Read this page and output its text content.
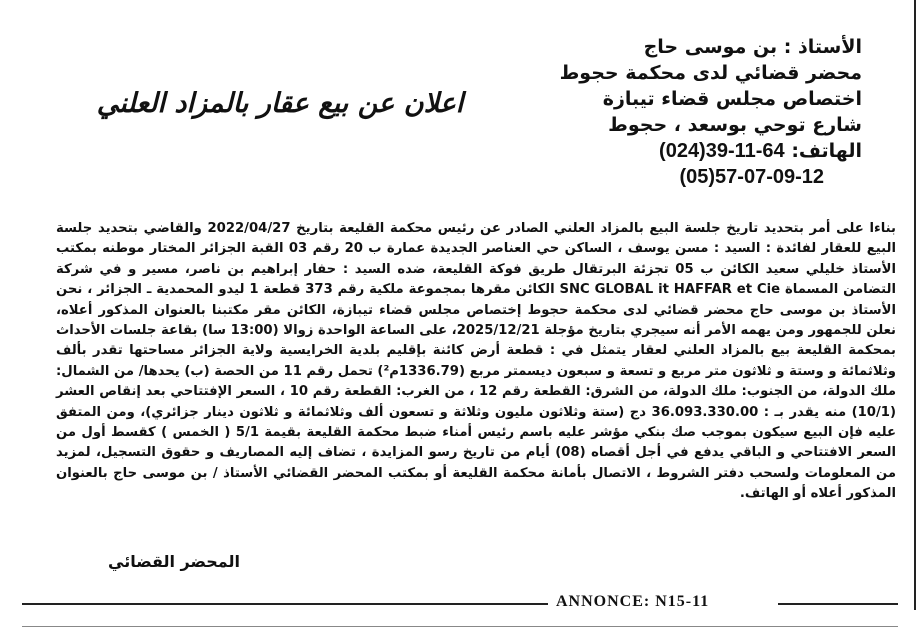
الأستاذ : بن موسى حاج
محضر قضائي لدى محكمة حجوط
اختصاص مجلس قضاء تيبازة
شارع توحي بوسعد ، حجوط
الهاتف: (024)39-11-64
(05)57-07-09-12
اعلان عن بيع عقار بالمزاد العلني
بناءا على أمر بتحديد تاريخ جلسة البيع بالمزاد العلني الصادر عن رئيس محكمة القليعة بتاريخ 2022/04/27 والقاضي بتحديد جلسة البيع للعقار لفائدة : السيد : مسن يوسف ، الساكن حي العناصر الجديدة عمارة ب 20 رقم 03 القبة الجزائر المختار موطنه بمكتب الأستاذ خليلي سعيد الكائن ب 05 تجزئة البرتقال طريق فوكة القليعة، ضده السيد : حفار إبراهيم بن ناصر، مسير و في شركة التضامن المسماة SNC GLOBAL it HAFFAR et Cie الكائن مقرها بمجموعة ملكية رقم 373 قطعة 1 ليدو المحمدية ـ الجزائر ، نحن الأستاذ بن موسى حاج محضر قضائي لدى محكمة حجوط إختصاص مجلس قضاء تيبازة، الكائن مقر مكتبنا بالعنوان المذكور أعلاه، نعلن للجمهور ومن يهمه الأمر أنه سيجري بتاريخ مؤجلة 2025/12/21، على الساعة الواحدة زوالا (13:00 سا) بقاعة جلسات الأحداث بمحكمة القليعة بيع بالمزاد العلني لعقار يتمثل في : قطعة أرض كائنة بإقليم بلدية الخرايسية ولاية الجزائر مساحتها تقدر بألف وثلاثمائة و وستة و ثلاثون متر مربع و تسعة و سبعون ديسمتر مربع (1336.79م²) تحمل رقم 11 من الحصة (ب) يحدها/ من الشمال: ملك الدولة، من الجنوب: ملك الدولة، من الشرق: القطعة رقم 12 ، من الغرب: القطعة رقم 10 ، السعر الإفتتاحي بعد إنقاص العشر (10/1) منه يقدر بـ : 36.093.330.00 دج (ستة وثلاثون مليون وثلاثة و تسعون ألف وثلاثمائة و ثلاثون دينار جزائري)، ومن المتفق عليه فإن البيع سيكون بموجب صك بنكي مؤشر عليه باسم رئيس أمناء ضبط محكمة القليعة بقيمة 5/1 ( الخمس ) كقسط أول من السعر الافتتاحي و الباقي يدفع في أجل أقصاه (08) أيام من تاريخ رسو المزايدة ، تضاف إليه المصاريف و حقوق التسجيل، لمزيد من المعلومات ولسحب دفتر الشروط ، الاتصال بأمانة محكمة القليعة أو بمكتب المحضر القضائي الأستاذ / بن موسى حاج بالعنوان المذكور أعلاه أو الهاتف.
المحضر القضائي
ANNONCE: N15-11
